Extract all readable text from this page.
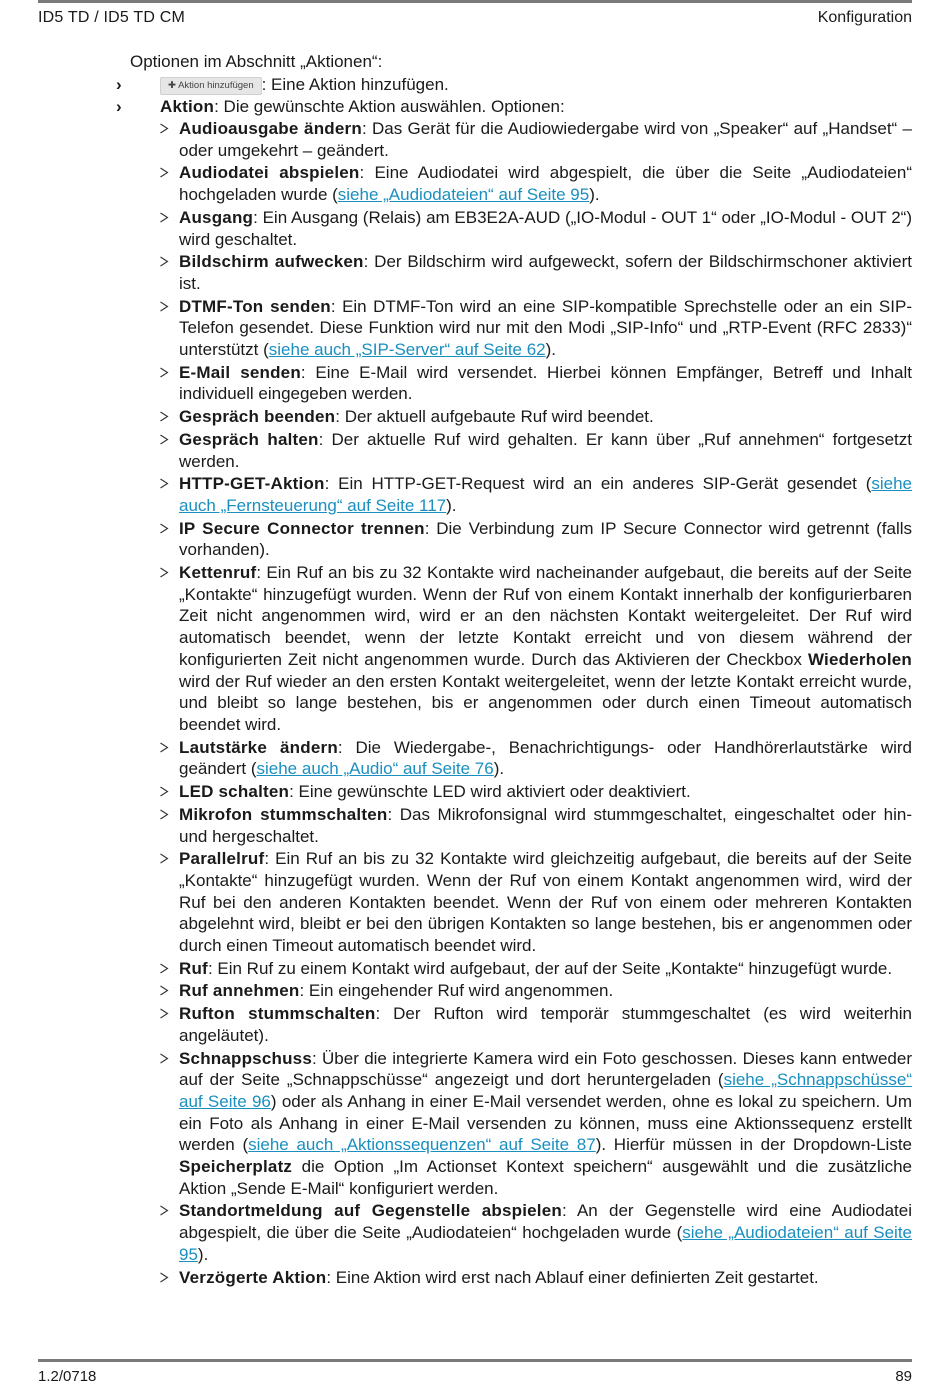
ID5 TD / ID5 TD CM	Konfiguration
Optionen im Abschnitt „Aktionen“:
›	✚ Aktion hinzufügen : Eine Aktion hinzufügen.
› Aktion: Die gewünschte Aktion auswählen. Optionen:
Audioausgabe ändern: Das Gerät für die Audiowiedergabe wird von „Speaker“ auf „Handset“ – oder umgekehrt – geändert.
Audiodatei abspielen: Eine Audiodatei wird abgespielt, die über die Seite „Audiodateien“ hochgeladen wurde (siehe „Audiodateien“ auf Seite 95).
Ausgang: Ein Ausgang (Relais) am EB3E2A-AUD („IO-Modul - OUT 1“ oder „IO-Modul - OUT 2“) wird geschaltet.
Bildschirm aufwecken: Der Bildschirm wird aufgeweckt, sofern der Bildschirmschoner aktiviert ist.
DTMF-Ton senden: Ein DTMF-Ton wird an eine SIP-kompatible Sprechstelle oder an ein SIP-Telefon gesendet. Diese Funktion wird nur mit den Modi „SIP-Info“ und „RTP-Event (RFC 2833)“ unterstützt (siehe auch „SIP-Server“ auf Seite 62).
E-Mail senden: Eine E-Mail wird versendet. Hierbei können Empfänger, Betreff und Inhalt individuell eingegeben werden.
Gespräch beenden: Der aktuell aufgebaute Ruf wird beendet.
Gespräch halten: Der aktuelle Ruf wird gehalten. Er kann über „Ruf annehmen“ fortgesetzt werden.
HTTP-GET-Aktion: Ein HTTP-GET-Request wird an ein anderes SIP-Gerät gesendet (siehe auch „Fernsteuerung“ auf Seite 117).
IP Secure Connector trennen: Die Verbindung zum IP Secure Connector wird getrennt (falls vorhanden).
Kettenruf: Ein Ruf an bis zu 32 Kontakte wird nacheinander aufgebaut, die bereits auf der Seite „Kontakte“ hinzugefügt wurden. Wenn der Ruf von einem Kontakt innerhalb der konfigurierbaren Zeit nicht angenommen wird, wird er an den nächsten Kontakt weitergeleitet. Der Ruf wird automatisch beendet, wenn der letzte Kontakt erreicht und von diesem während der konfigurierten Zeit nicht angenommen wurde. Durch das Aktivieren der Checkbox Wiederholen wird der Ruf wieder an den ersten Kontakt weitergeleitet, wenn der letzte Kontakt erreicht wurde, und bleibt so lange bestehen, bis er angenommen oder durch einen Timeout automatisch beendet wird.
Lautstärke ändern: Die Wiedergabe-, Benachrichtigungs- oder Handhörerlautstärke wird geändert (siehe auch „Audio“ auf Seite 76).
LED schalten: Eine gewünschte LED wird aktiviert oder deaktiviert.
Mikrofon stummschalten: Das Mikrofonsignal wird stummgeschaltet, eingeschaltet oder hin- und hergeschaltet.
Parallelruf: Ein Ruf an bis zu 32 Kontakte wird gleichzeitig aufgebaut, die bereits auf der Seite „Kontakte“ hinzugefügt wurden. Wenn der Ruf von einem Kontakt angenommen wird, wird der Ruf bei den anderen Kontakten beendet. Wenn der Ruf von einem oder mehreren Kontakten abgelehnt wird, bleibt er bei den übrigen Kontakten so lange bestehen, bis er angenommen oder durch einen Timeout automatisch beendet wird.
Ruf: Ein Ruf zu einem Kontakt wird aufgebaut, der auf der Seite „Kontakte“ hinzugefügt wurde.
Ruf annehmen: Ein eingehender Ruf wird angenommen.
Rufton stummschalten: Der Rufton wird temporär stummgeschaltet (es wird weiterhin angeläutet).
Schnappschuss: Über die integrierte Kamera wird ein Foto geschossen. Dieses kann entweder auf der Seite „Schnappschüsse“ angezeigt und dort heruntergeladen (siehe „Schnappschüsse“ auf Seite 96) oder als Anhang in einer E-Mail versendet werden, ohne es lokal zu speichern. Um ein Foto als Anhang in einer E-Mail versenden zu können, muss eine Aktionssequenz erstellt werden (siehe auch „Aktionssequenzen“ auf Seite 87). Hierfür müssen in der Dropdown-Liste Speicherplatz die Option „Im Actionset Kontext speichern“ ausgewählt und die zusätzliche Aktion „Sende E-Mail“ konfiguriert werden.
Standortmeldung auf Gegenstelle abspielen: An der Gegenstelle wird eine Audiodatei abgespielt, die über die Seite „Audiodateien“ hochgeladen wurde (siehe „Audiodateien“ auf Seite 95).
Verzögerte Aktion: Eine Aktion wird erst nach Ablauf einer definierten Zeit gestartet.
1.2/0718	89
